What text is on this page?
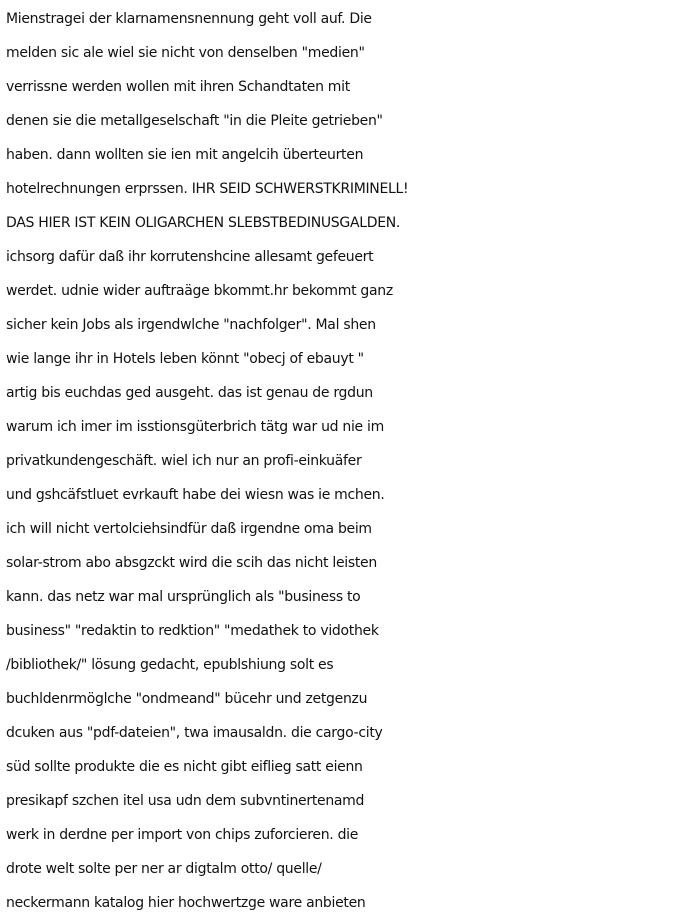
Mienstragei der klarnamensnennung geht voll auf. Die
melden sic ale wiel sie nicht von denselben "medien"
verrissne werden wollen mit ihren Schandtaten mit
denen sie die metallgeselschaft "in die Pleite getrieben"
haben. dann wollten sie ien mit angelcih überteurten
hotelrechnungen erprssen. IHR SEID SCHWERSTKRIMINELL!
DAS HIER IST KEIN OLIGARCHEN SLEBSTBEDINUSGALDEN.
ichsorg dafür daß ihr korrutenshcine allesamt gefeuert
werdet. udnie wider auftraäge bkommt.hr bekommt ganz
sicher kein Jobs als irgendwlche "nachfolger". Mal shen
wie lange ihr in Hotels leben könnt "obecj of ebauyt "
artig bis euchdas ged ausgeht. das ist genau de rgdun
warum ich imer im isstionsgüterbrich tätg war ud nie im
privatkundengeschäft. wiel ich nur an profi-einkuäfer
und gshcäfstluet evrkauft habe dei wiesn was ie mchen.
ich will nicht vertolciehsindfür daß irgendne oma beim
solar-strom abo absgzckt wird die scih das nicht leisten
kann. das netz war mal ursprünglich als "business to
business" "redaktin to redktion" "medathek to vidothek
/bibliothek/" lösung gedacht, epublshiung solt es
buchldenrmöglche "ondmeand" bücehr und zetgenzu
dcuken aus "pdf-dateien", twa imausaldn. die cargo-city
süd sollte produkte die es nicht gibt eiflieg satt eienn
presikapf szchen itel usa udn dem subvntinertenamd
werk in derdne per import von chips zuforcieren. die
drote welt solte per ner ar digtalm otto/ quelle/
neckermann katalog hier hochwertzge ware anbieten
